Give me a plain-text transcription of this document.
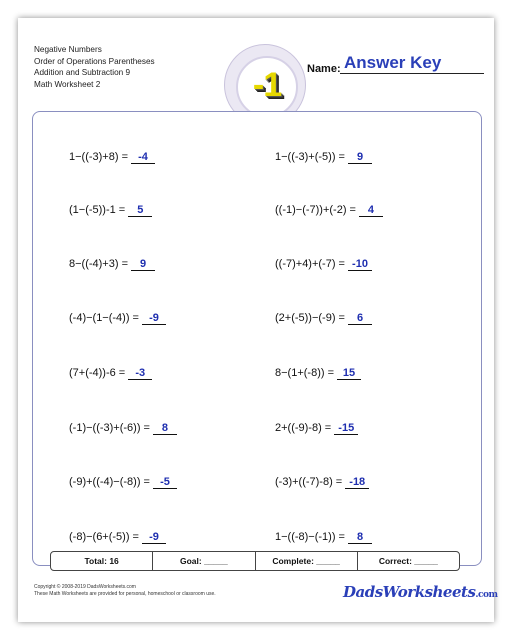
Negative Numbers
Order of Operations Parentheses
Addition and Subtraction 9
Math Worksheet 2	-1	Name: Answer Key
1−((-3)+8) = -4
(1−(-5))-1 = 5
8−((-4)+3) = 9
(-4)−(1−(-4)) = -9
(7+(-4))-6 = -3
(-1)−((-3)+(-6)) = 8
(-9)+((-4)−(-8)) = -5
(-8)−(6+(-5)) = -9
1−((-3)+(-5)) = 9
((-1)−(-7))+(-2) = 4
((-7)+4)+(-7) = -10
(2+(-5))−(-9) = 6
8−(1+(-8)) = 15
2+((-9)-8) = -15
(-3)+((-7)-8) = -18
1−((-8)−(-1)) = 8
Total: 16	Goal: _____	Complete: _____	Correct: _____
Copyright © 2008-2019 DadsWorksheets.com
These Math Worksheets are provided for personal, homeschool or classroom use.	DadsWorksheets.com
